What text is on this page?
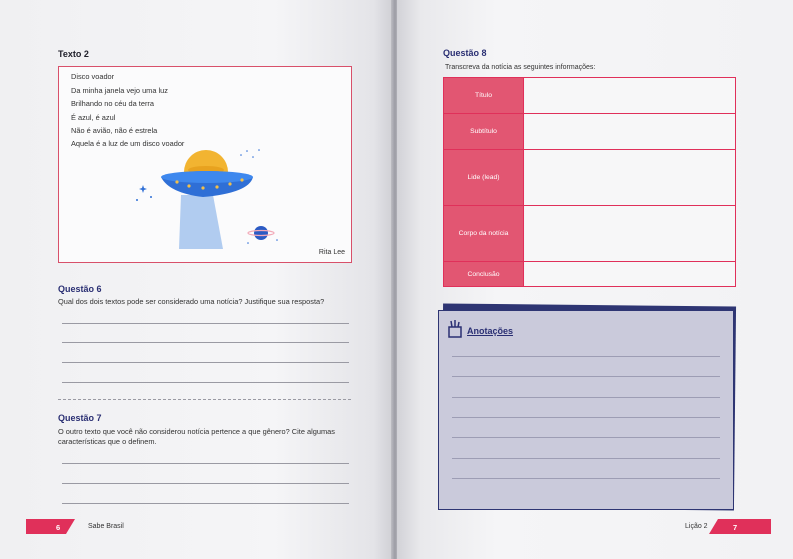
Texto 2
Disco voador
Da minha janela vejo uma luz
Brilhando no céu da terra
É azul, é azul
Não é avião, não é estrela
Aquela é a luz de um disco voador
Rita Lee
Questão 6
Qual dos dois textos pode ser considerado uma notícia? Justifique sua resposta?
Questão 7
O outro texto que você não considerou notícia pertence a que gênero? Cite algumas
características que o definem.
6	Sabe Brasil
Questão 8
Transcreva da notícia as seguintes informações:
Título
Subtítulo
Lide (lead)
Corpo da notícia
Conclusão
Anotações
Lição 2	7
